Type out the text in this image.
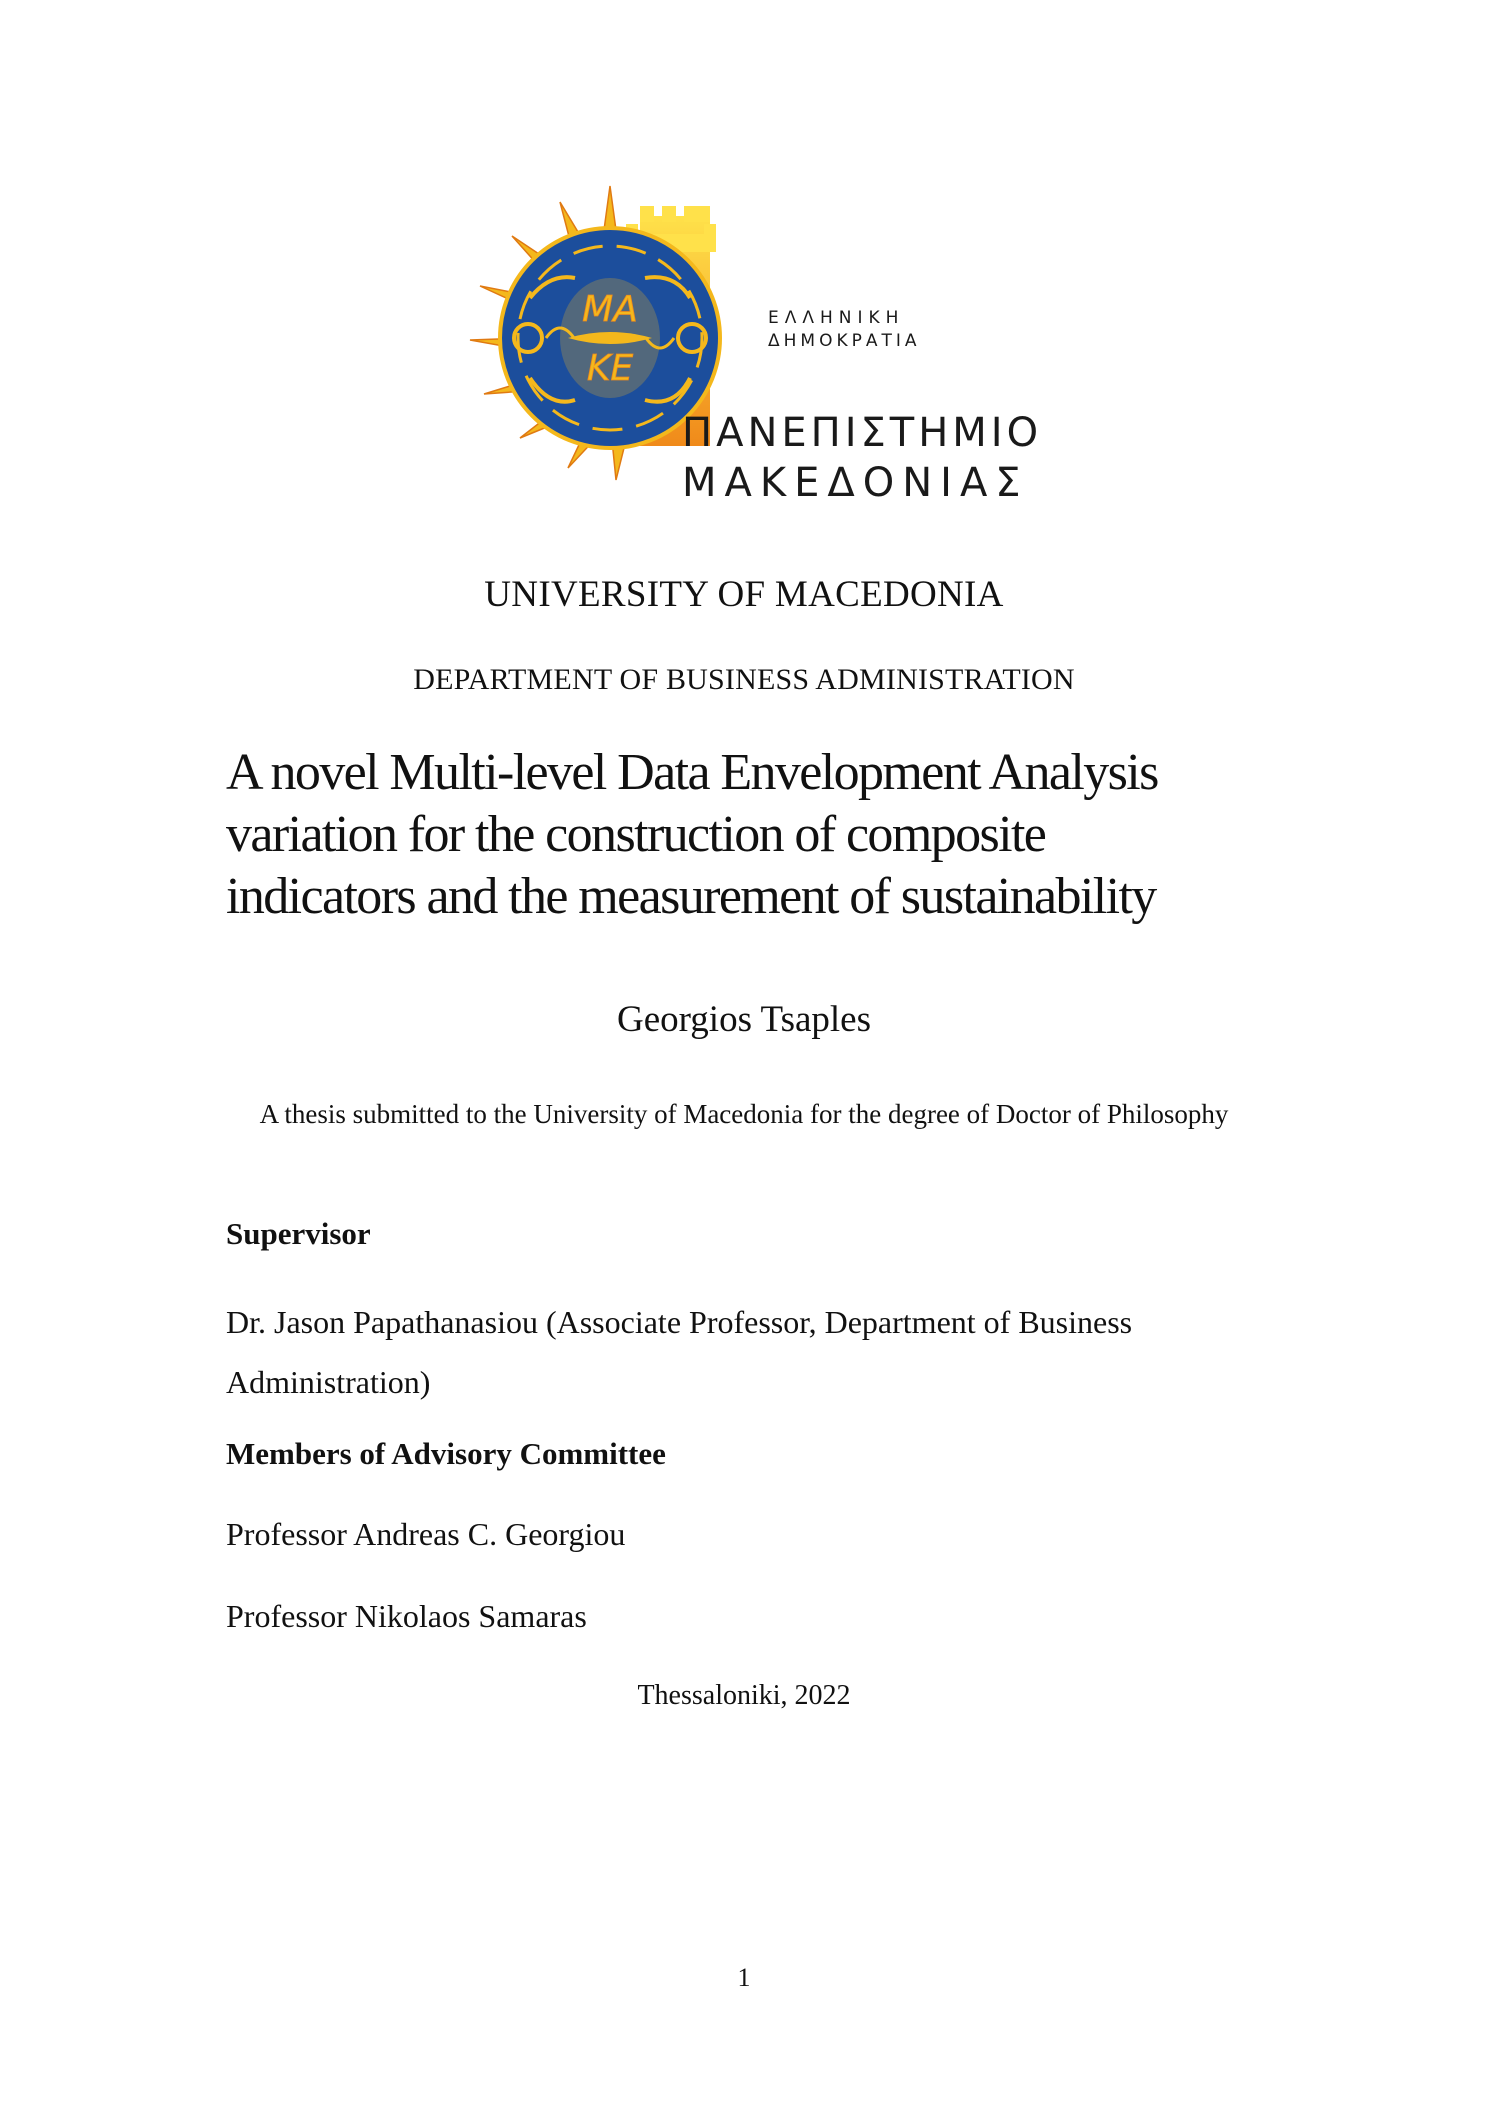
ΜΑ
ΚΕ
ΕΛΛΗΝΙΚΗ
ΔΗΜΟΚΡΑΤΙΑ
ΠΑΝΕΠΙΣΤΗΜΙΟ
ΜΑΚΕΔΟΝΙΑΣ
UNIVERSITY OF MACEDONIA
DEPARTMENT OF BUSINESS ADMINISTRATION
A novel Multi-level Data Envelopment Analysis
variation for the construction of composite
indicators and the measurement of sustainability
Georgios Tsaples
A thesis submitted to the University of Macedonia for the degree of Doctor of Philosophy
Supervisor
Dr. Jason Papathanasiou (Associate Professor, Department of Business Administration)
Members of Advisory Committee
Professor Andreas C. Georgiou
Professor Nikolaos Samaras
Thessaloniki, 2022
1
